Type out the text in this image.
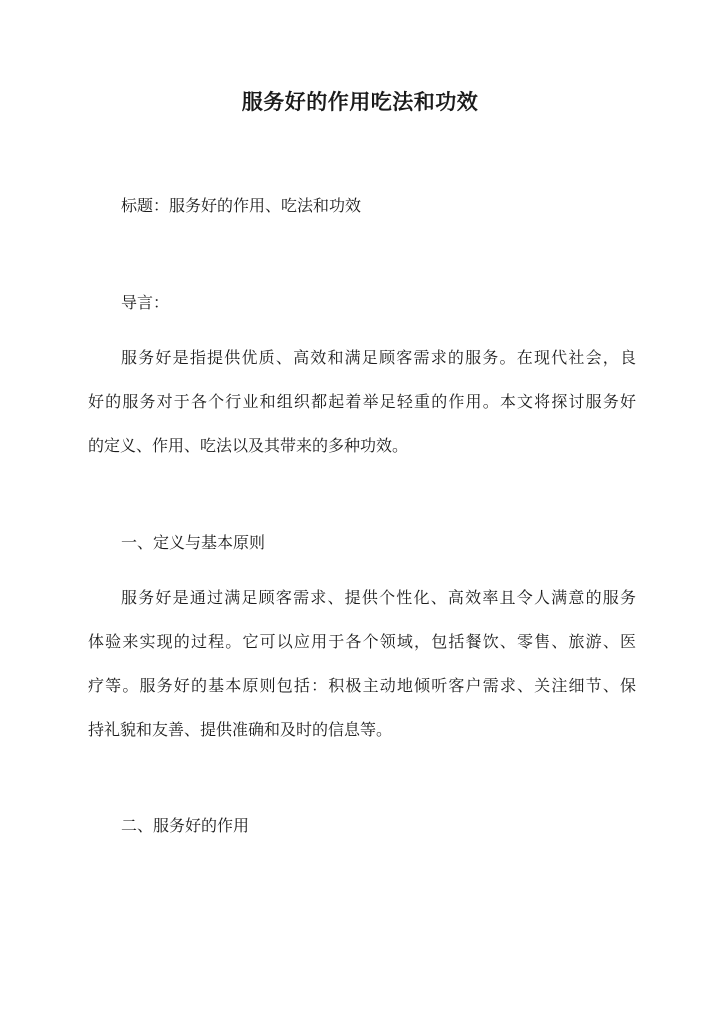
服务好的作用吃法和功效
标题：服务好的作用、吃法和功效
导言：
服务好是指提供优质、高效和满足顾客需求的服务。在现代社会，良
好的服务对于各个行业和组织都起着举足轻重的作用。本文将探讨服务好
的定义、作用、吃法以及其带来的多种功效。
一、定义与基本原则
服务好是通过满足顾客需求、提供个性化、高效率且令人满意的服务
体验来实现的过程。它可以应用于各个领域，包括餐饮、零售、旅游、医
疗等。服务好的基本原则包括：积极主动地倾听客户需求、关注细节、保
持礼貌和友善、提供准确和及时的信息等。
二、服务好的作用
